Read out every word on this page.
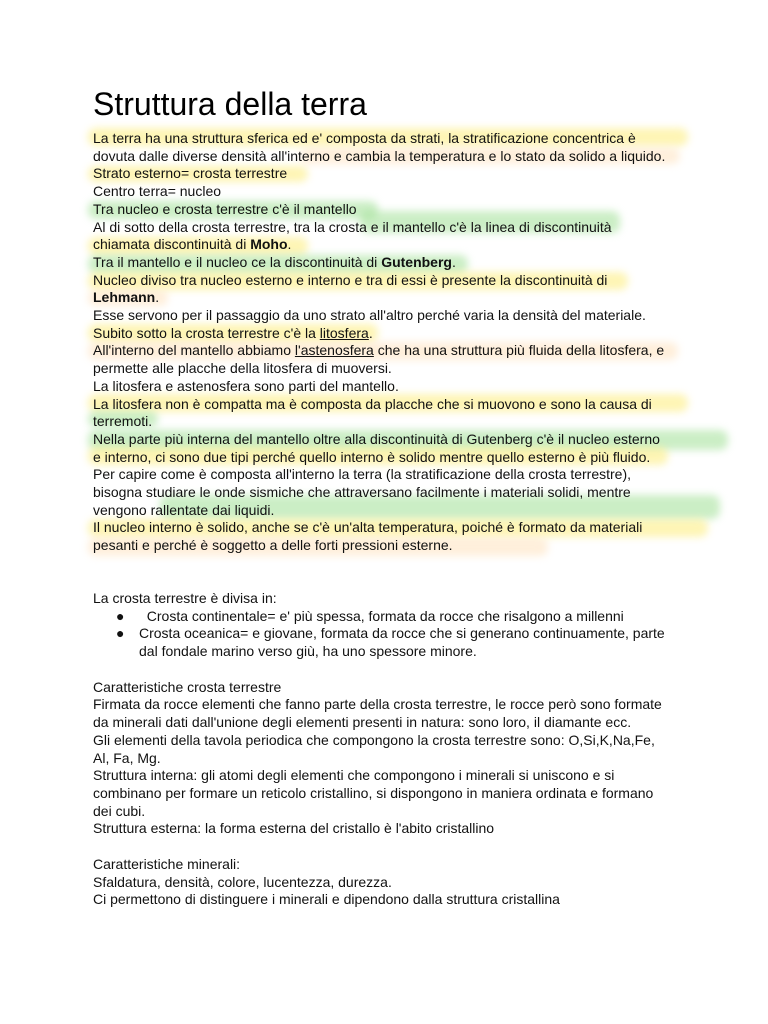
Struttura della terra

La terra ha una struttura sferica ed e' composta da strati, la stratificazione concentrica è

dovuta dalle diverse densità all'interno e cambia la temperatura e lo stato da solido a liquido.

Strato esterno= crosta terrestre

Centro terra= nucleo

Tra nucleo e crosta terrestre c'è il mantello

Al di sotto della crosta terrestre, tra la crosta e il mantello c'è la linea di discontinuità

chiamata discontinuità di Moho.

Tra il mantello e il nucleo ce la discontinuità di Gutenberg.

Nucleo diviso tra nucleo esterno e interno e tra di essi è presente la discontinuità di

Lehmann.

Esse servono per il passaggio da uno strato all'altro perché varia la densità del materiale.

Subito sotto la crosta terrestre c'è la litosfera.

All'interno del mantello abbiamo l'astenosfera che ha una struttura più fluida della litosfera, e

permette alle placche della litosfera di muoversi.

La litosfera e astenosfera sono parti del mantello.

La litosfera non è compatta ma è composta da placche che si muovono e sono la causa di

terremoti.

Nella parte più interna del mantello oltre alla discontinuità di Gutenberg c'è il nucleo esterno

e interno, ci sono due tipi perché quello interno è solido mentre quello esterno è più fluido.

Per capire come è composta all'interno la terra (la stratificazione della crosta terrestre),

bisogna studiare le onde sismiche che attraversano facilmente i materiali solidi, mentre

vengono rallentate dai liquidi.

Il nucleo interno è solido, anche se c'è un'alta temperatura, poiché è formato da materiali

pesanti e perché è soggetto a delle forti pressioni esterne.

La crosta terrestre è divisa in:

● Crosta continentale= e' più spessa, formata da rocce che risalgono a millenni
● Crosta oceanica= e giovane, formata da rocce che si generano continuamente, parte
dal fondale marino verso giù, ha uno spessore minore.

Caratteristiche crosta terrestre

Firmata da rocce elementi che fanno parte della crosta terrestre, le rocce però sono formate

da minerali dati dall'unione degli elementi presenti in natura: sono loro, il diamante ecc.

Gli elementi della tavola periodica che compongono la crosta terrestre sono: O,Si,K,Na,Fe,

Al, Fa, Mg.

Struttura interna: gli atomi degli elementi che compongono i minerali si uniscono e si

combinano per formare un reticolo cristallino, si dispongono in maniera ordinata e formano

dei cubi.

Struttura esterna: la forma esterna del cristallo è l'abito cristallino

Caratteristiche minerali:

Sfaldatura, densità, colore, lucentezza, durezza.

Ci permettono di distinguere i minerali e dipendono dalla struttura cristallina
